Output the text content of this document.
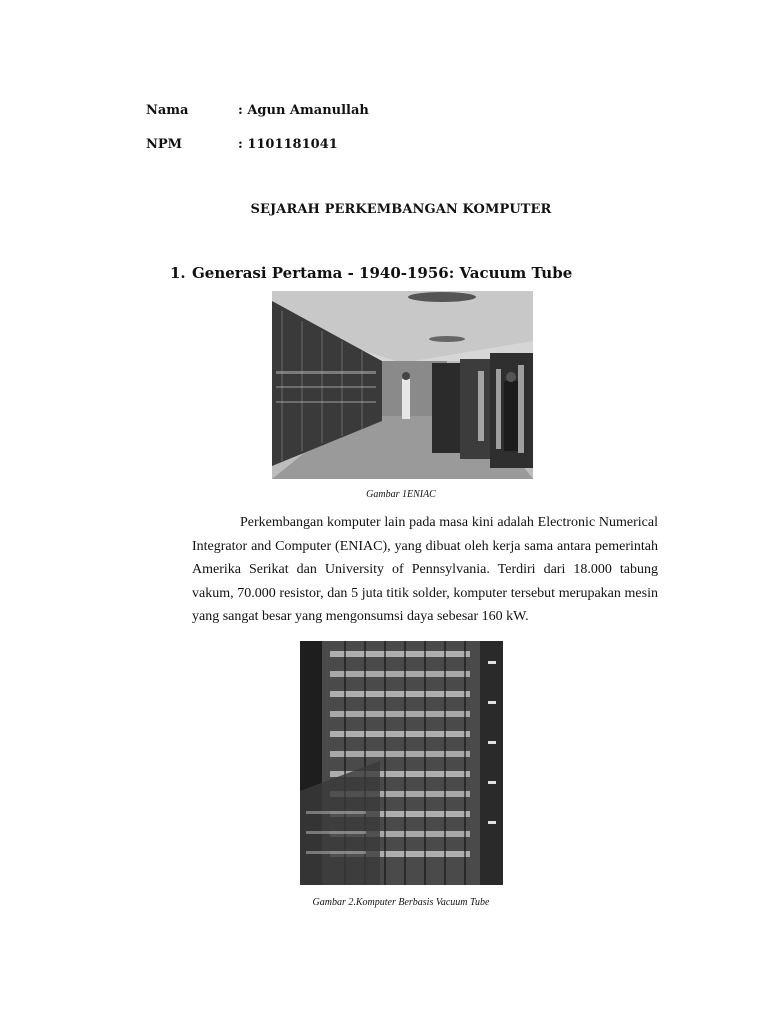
Nama	: Agun Amanullah
NPM	: 1101181041
SEJARAH PERKEMBANGAN KOMPUTER
1. Generasi Pertama - 1940-1956: Vacuum Tube
Gambar 1ENIAC

Perkembangan komputer lain pada masa kini adalah Electronic Numerical Integrator and Computer (ENIAC), yang dibuat oleh kerja sama antara pemerintah Amerika Serikat dan University of Pennsylvania. Terdiri dari 18.000 tabung vakum, 70.000 resistor, dan 5 juta titik solder, komputer tersebut merupakan mesin yang sangat besar yang mengonsumsi daya sebesar 160 kW.

Gambar 2.Komputer Berbasis Vacuum Tube
